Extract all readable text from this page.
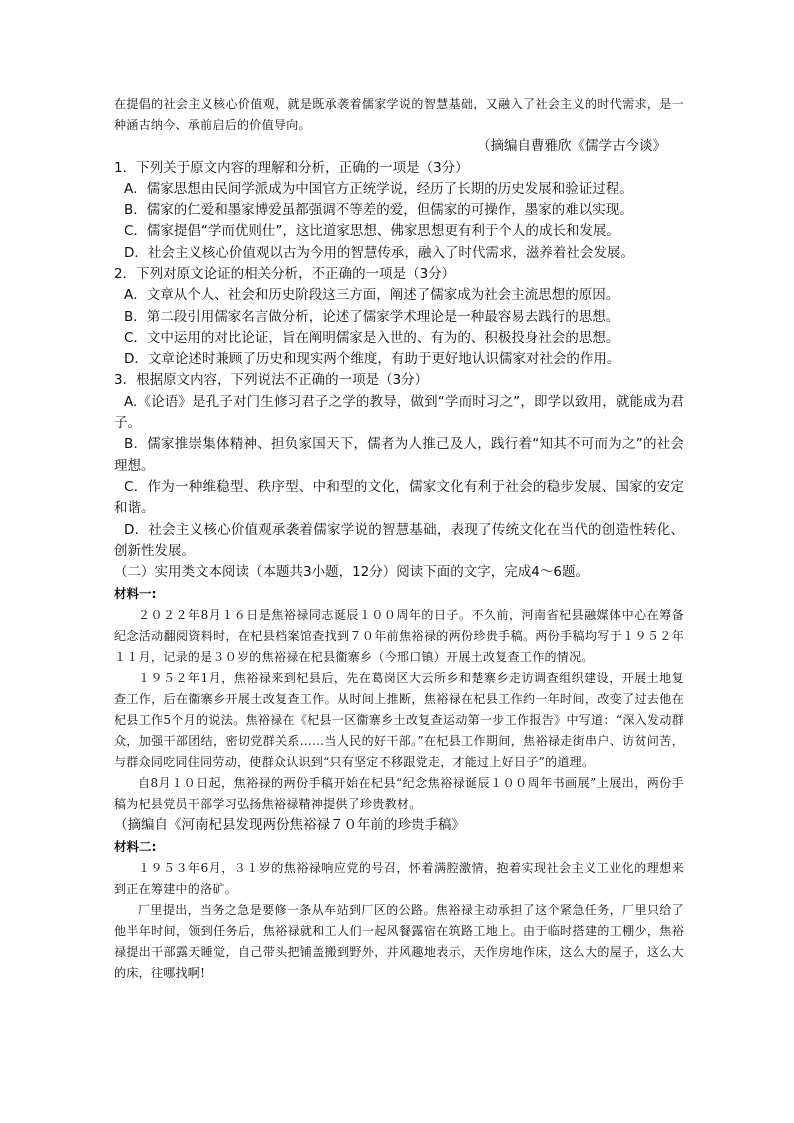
在提倡的社会主义核心价值观，就是既承袭着儒家学说的智慧基础，又融入了社会主义的时代需求，是一种涵古纳今、承前启后的价值导向。

（摘编自曹雅欣《儒学古今谈》

1．下列关于原文内容的理解和分析，正确的一项是（3分）

A．儒家思想由民间学派成为中国官方正统学说，经历了长期的历史发展和验证过程。

B．儒家的仁爱和墨家博爱虽都强调不等差的爱，但儒家的可操作，墨家的难以实现。

C．儒家提倡“学而优则仕”，这比道家思想、佛家思想更有利于个人的成长和发展。

D．社会主义核心价值观以古为今用的智慧传承，融入了时代需求，滋养着社会发展。

2．下列对原文论证的相关分析，不正确的一项是（3分）

A．文章从个人、社会和历史阶段这三方面，阐述了儒家成为社会主流思想的原因。

B．第二段引用儒家名言做分析，论述了儒家学术理论是一种最容易去践行的思想。

C．文中运用的对比论证，旨在阐明儒家是入世的、有为的、积极投身社会的思想。

D．文章论述时兼顾了历史和现实两个维度，有助于更好地认识儒家对社会的作用。

3．根据原文内容，下列说法不正确的一项是（3分）

A.《论语》是孔子对门生修习君子之学的教导，做到“学而时习之”，即学以致用，就能成为君子。

B．儒家推崇集体精神、担负家国天下，儒者为人推己及人，践行着“知其不可而为之”的社会理想。

C．作为一种维稳型、秩序型、中和型的文化，儒家文化有利于社会的稳步发展、国家的安定和谐。

D．社会主义核心价值观承袭着儒家学说的智慧基础，表现了传统文化在当代的创造性转化、创新性发展。

（二）实用类文本阅读（本题共3小题，12分）阅读下面的文字，完成4～6题。

材料一:

２０２２年8月１６日是焦裕禄同志诞辰１００周年的日子。不久前，河南省杞县融媒体中心在筹备纪念活动翻阅资料时，在杞县档案馆查找到７０年前焦裕禄的两份珍贵手稿。两份手稿均写于１９５２年１１月，记录的是３０岁的焦裕禄在杞县衞寨乡（今邢口镇）开展土改复查工作的情况。

１９５２年1月，焦裕禄来到杞县后，先在葛岗区大云所乡和楚寨乡走访调查组织建设，开展土地复查工作，后在衞寨乡开展土改复查工作。从时间上推断，焦裕禄在杞县工作约一年时间，改变了过去他在杞县工作5个月的说法。焦裕禄在《杞县一区衞寨乡土改复查运动第一步工作报告》中写道：“深入发动群众，加强干部团结，密切党群关系……当人民的好干部。”在杞县工作期间，焦裕禄走街串户、访贫问苦，与群众同吃同住同劳动，使群众认识到“只有坚定不移跟党走，才能过上好日子”的道理。

自8月１０日起，焦裕禄的两份手稿开始在杞县“纪念焦裕禄诞辰１００周年书画展”上展出，两份手稿为杞县党员干部学习弘扬焦裕禄精神提供了珍贵教材。

（摘编自《河南杞县发现两份焦裕禄７０年前的珍贵手稿》

材料二:

１９５３年6月，３１岁的焦裕禄响应党的号召，怀着满腔激情，抱着实现社会主义工业化的理想来到正在筹建中的洛矿。

厂里提出，当务之急是要修一条从车站到厂区的公路。焦裕禄主动承担了这个紧急任务，厂里只给了他半年时间，领到任务后，焦裕禄就和工人们一起风餐露宿在筑路工地上。由于临时搭建的工棚少，焦裕禄提出干部露天睡觉，自己带头把铺盖搬到野外，并风趣地表示，天作房地作床，这么大的屋子，这么大的床，往哪找啊!
